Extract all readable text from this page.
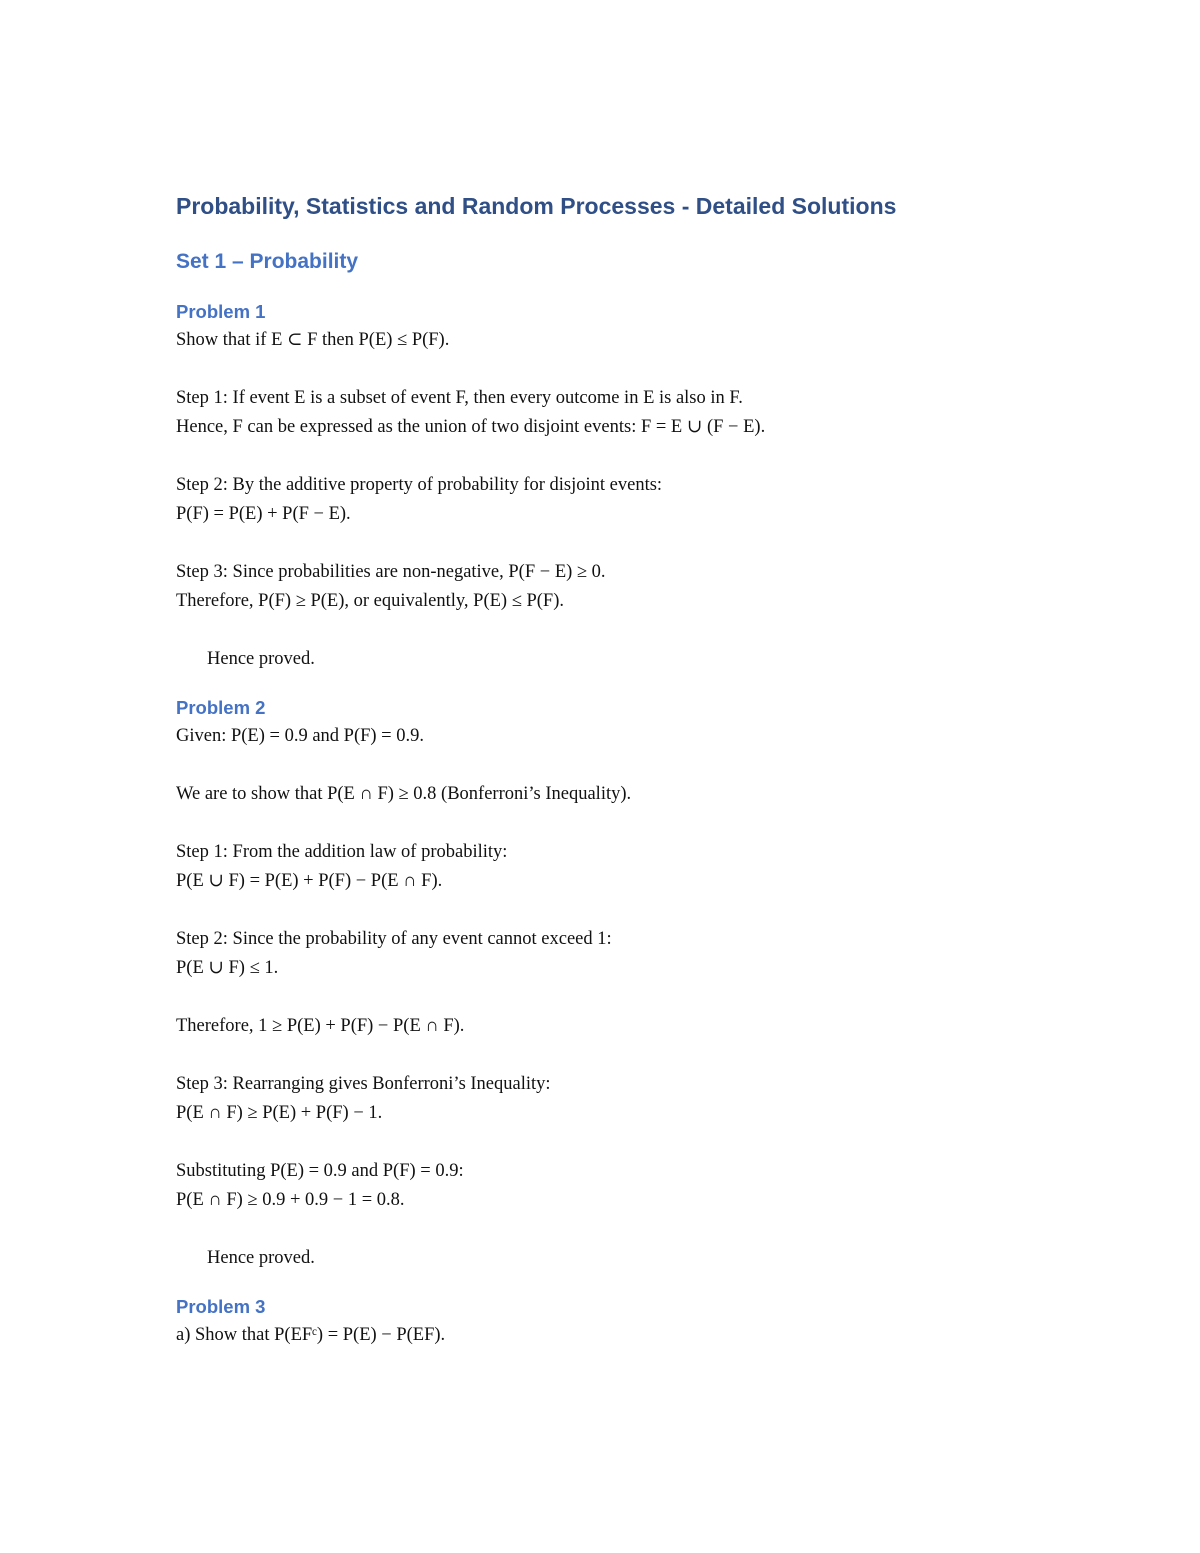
Probability, Statistics and Random Processes - Detailed Solutions
Set 1 – Probability
Problem 1

Show that if E ⊂ F then P(E) ≤ P(F).

Step 1: If event E is a subset of event F, then every outcome in E is also in F.

Hence, F can be expressed as the union of two disjoint events: F = E ∪ (F − E).

Step 2: By the additive property of probability for disjoint events:

P(F) = P(E) + P(F − E).

Step 3: Since probabilities are non-negative, P(F − E) ≥ 0.

Therefore, P(F) ≥ P(E), or equivalently, P(E) ≤ P(F).

Hence proved.

Problem 2

Given: P(E) = 0.9 and P(F) = 0.9.

We are to show that P(E ∩ F) ≥ 0.8 (Bonferroni’s Inequality).

Step 1: From the addition law of probability:

P(E ∪ F) = P(E) + P(F) − P(E ∩ F).

Step 2: Since the probability of any event cannot exceed 1:

P(E ∪ F) ≤ 1.

Therefore, 1 ≥ P(E) + P(F) − P(E ∩ F).

Step 3: Rearranging gives Bonferroni’s Inequality:

P(E ∩ F) ≥ P(E) + P(F) − 1.

Substituting P(E) = 0.9 and P(F) = 0.9:

P(E ∩ F) ≥ 0.9 + 0.9 − 1 = 0.8.

Hence proved.

Problem 3

a) Show that P(EFᶜ) = P(E) − P(EF).
